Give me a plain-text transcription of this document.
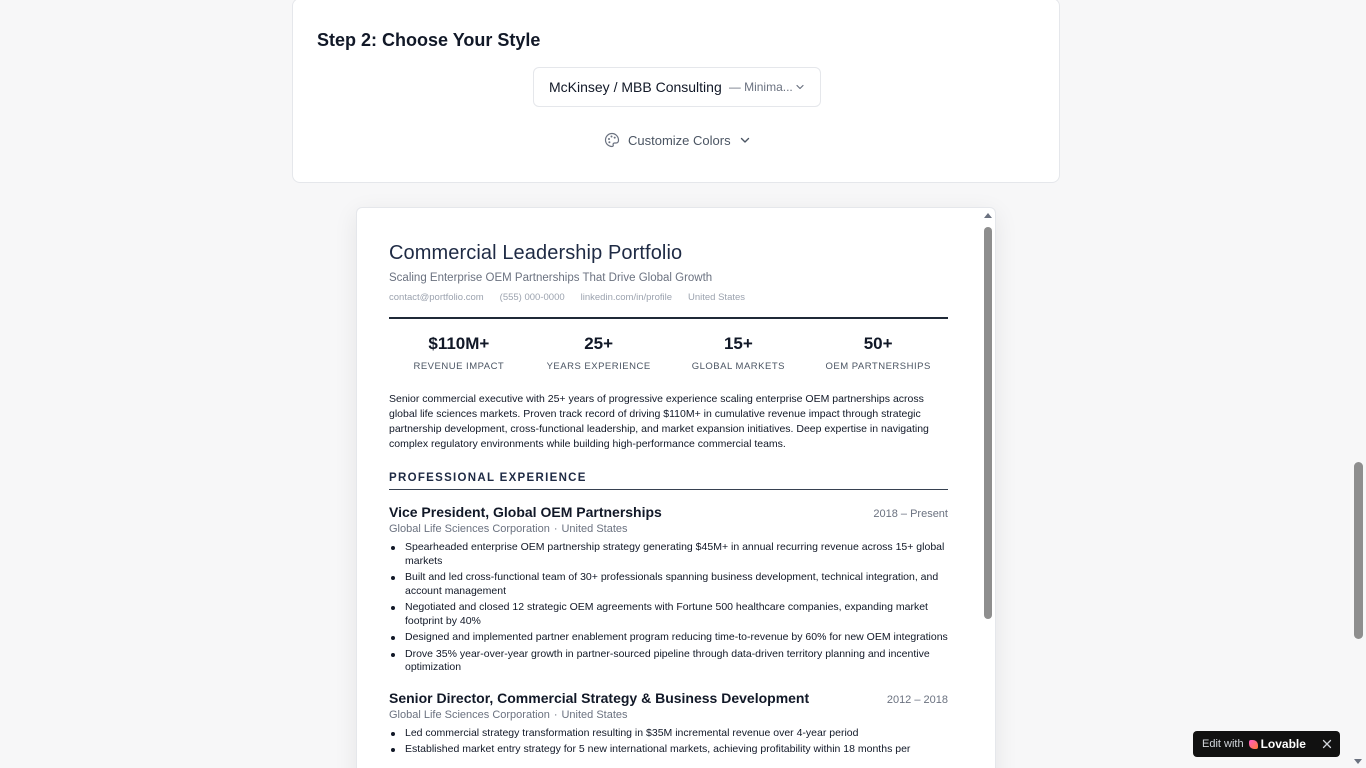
Step 2: Choose Your Style
McKinsey / MBB Consulting — Minima...
Customize Colors
Commercial Leadership Portfolio
Scaling Enterprise OEM Partnerships That Drive Global Growth
contact@portfolio.com (555) 000-0000 linkedin.com/in/profile United States
$110M+
REVENUE IMPACT
25+
YEARS EXPERIENCE
15+
GLOBAL MARKETS
50+
OEM PARTNERSHIPS
Senior commercial executive with 25+ years of progressive experience scaling enterprise OEM partnerships across global life sciences markets. Proven track record of driving $110M+ in cumulative revenue impact through strategic partnership development, cross-functional leadership, and market expansion initiatives. Deep expertise in navigating complex regulatory environments while building high-performance commercial teams.
PROFESSIONAL EXPERIENCE
Vice President, Global OEM Partnerships	2018 – Present
Global Life Sciences Corporation · United States
Spearheaded enterprise OEM partnership strategy generating $45M+ in annual recurring revenue across 15+ global markets
Built and led cross-functional team of 30+ professionals spanning business development, technical integration, and account management
Negotiated and closed 12 strategic OEM agreements with Fortune 500 healthcare companies, expanding market footprint by 40%
Designed and implemented partner enablement program reducing time-to-revenue by 60% for new OEM integrations
Drove 35% year-over-year growth in partner-sourced pipeline through data-driven territory planning and incentive optimization
Senior Director, Commercial Strategy & Business Development	2012 – 2018
Global Life Sciences Corporation · United States
Led commercial strategy transformation resulting in $35M incremental revenue over 4-year period
Established market entry strategy for 5 new international markets, achieving profitability within 18 months per	Edit with Lovable
